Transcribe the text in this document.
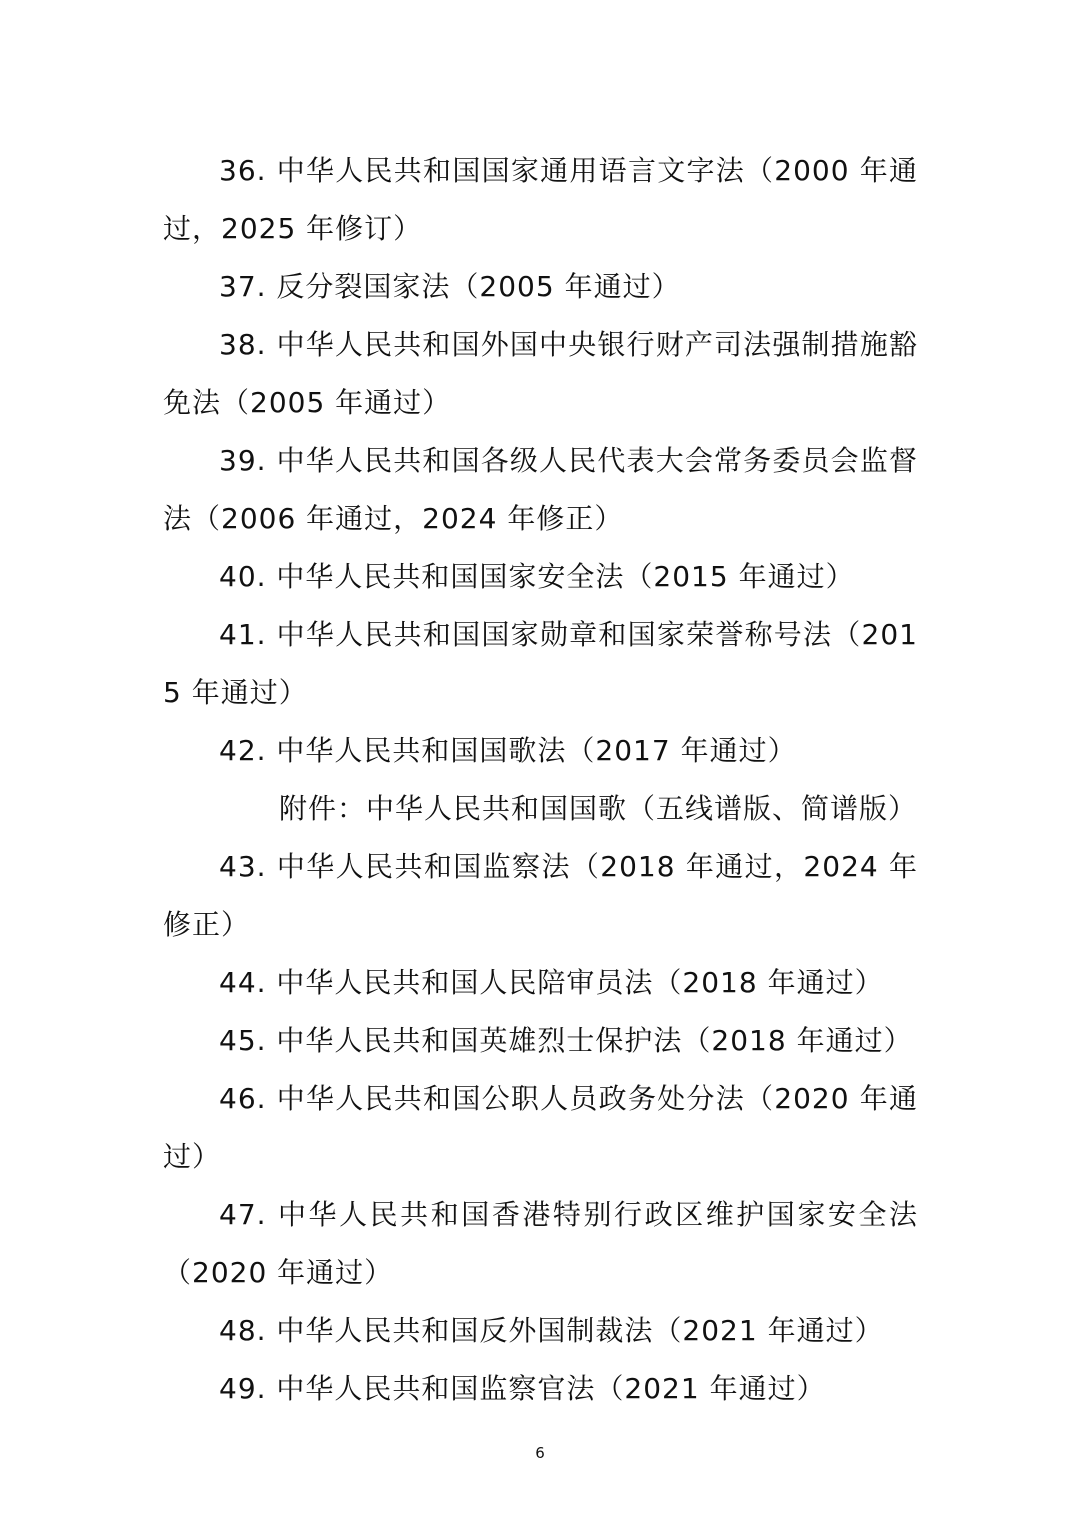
36. 中华人民共和国国家通用语言文字法（2000 年通过，2025 年修订）

37. 反分裂国家法（2005 年通过）

38. 中华人民共和国外国中央银行财产司法强制措施豁免法（2005 年通过）

39. 中华人民共和国各级人民代表大会常务委员会监督法（2006 年通过，2024 年修正）

40. 中华人民共和国国家安全法（2015 年通过）

41. 中华人民共和国国家勋章和国家荣誉称号法（2015 年通过）

42. 中华人民共和国国歌法（2017 年通过）

附件：中华人民共和国国歌（五线谱版、简谱版）

43. 中华人民共和国监察法（2018 年通过，2024 年修正）

44. 中华人民共和国人民陪审员法（2018 年通过）

45. 中华人民共和国英雄烈士保护法（2018 年通过）

46. 中华人民共和国公职人员政务处分法（2020 年通过）

47. 中华人民共和国香港特别行政区维护国家安全法（2020 年通过）

48. 中华人民共和国反外国制裁法（2021 年通过）

49. 中华人民共和国监察官法（2021 年通过）

6
